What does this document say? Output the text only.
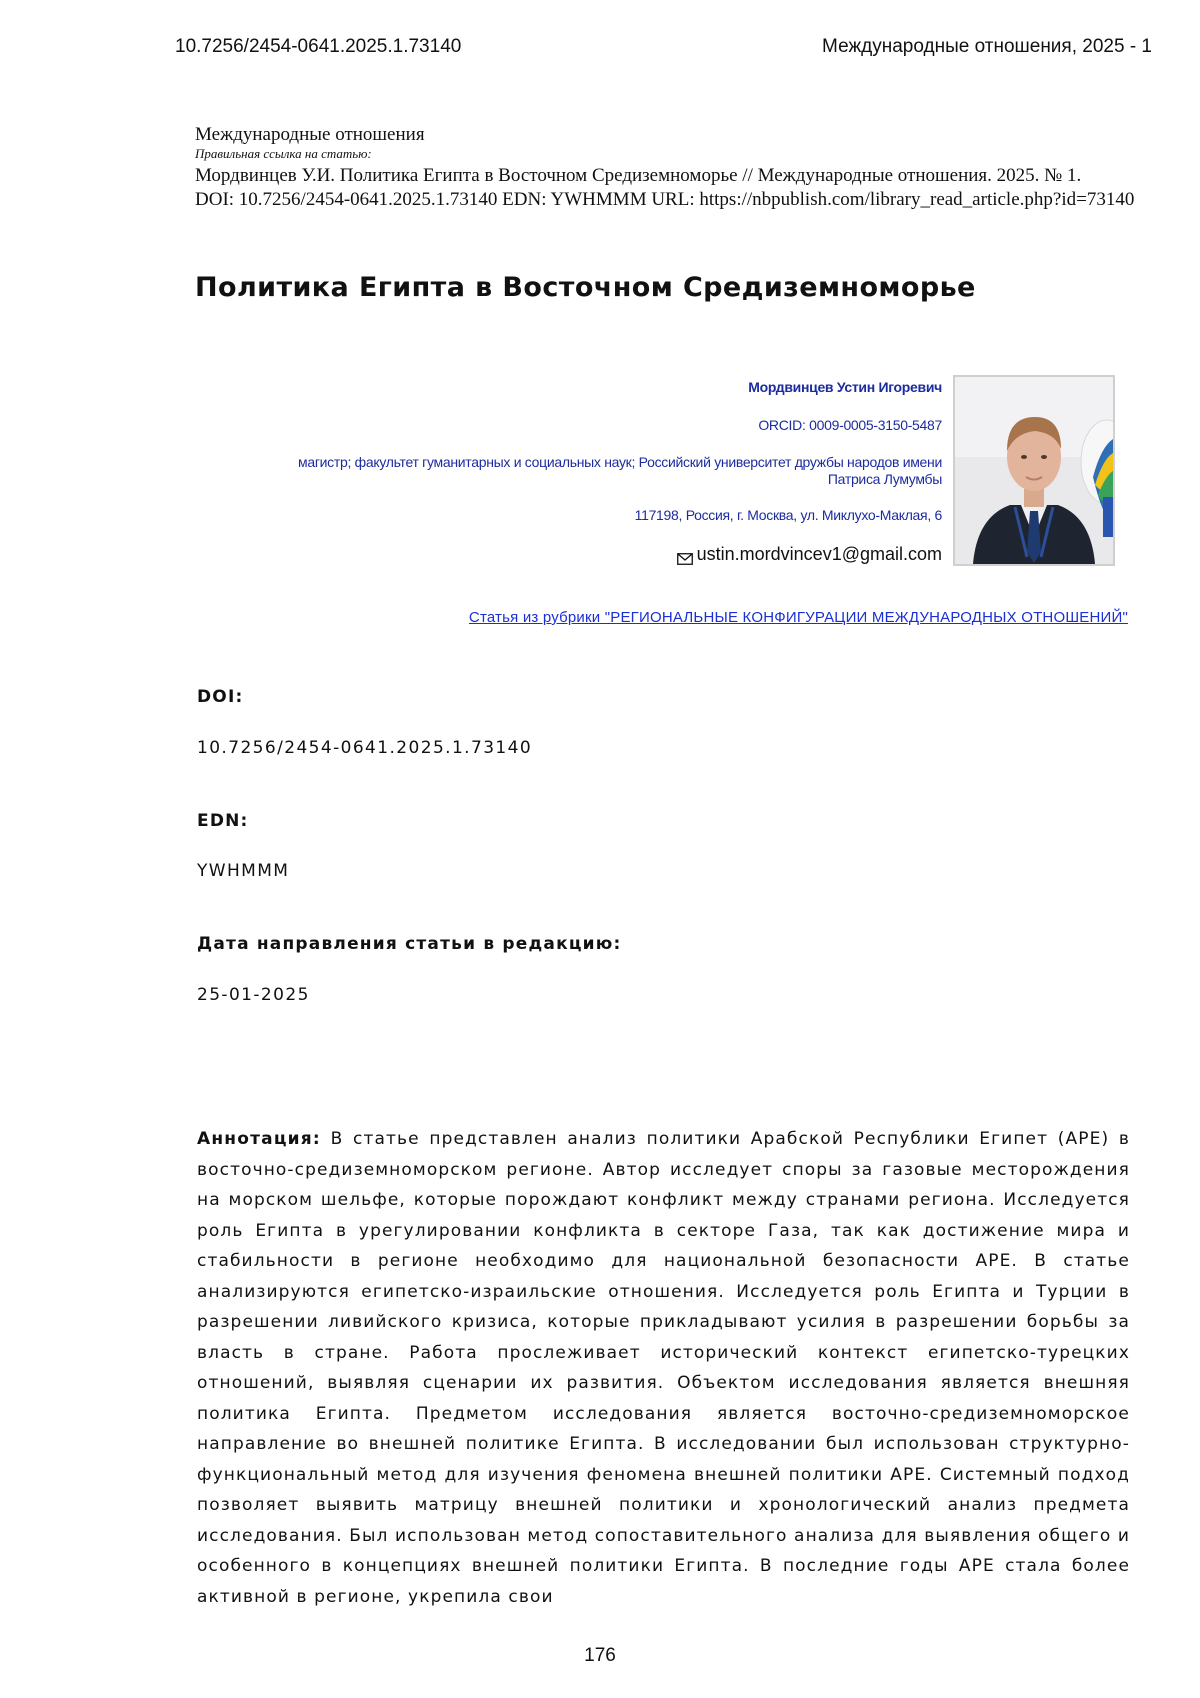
10.7256/2454-0641.2025.1.73140	Международные отношения, 2025 - 1
Международные отношения
Правильная ссылка на статью:
Мордвинцев У.И. Политика Египта в Восточном Средиземноморье // Международные отношения. 2025. № 1.
DOI: 10.7256/2454-0641.2025.1.73140 EDN: YWHMMM URL: https://nbpublish.com/library_read_article.php?id=73140
Политика Египта в Восточном Средиземноморье
Мордвинцев Устин Игоревич
ORCID: 0009-0005-3150-5487
магистр; факультет гуманитарных и социальных наук; Российский университет дружбы народов имени Патриса Лумумбы
117198, Россия, г. Москва, ул. Миклухо-Маклая, 6
ustin.mordvincev1@gmail.com
Статья из рубрики "РЕГИОНАЛЬНЫЕ КОНФИГУРАЦИИ МЕЖДУНАРОДНЫХ ОТНОШЕНИЙ"
DOI:
10.7256/2454-0641.2025.1.73140
EDN:
YWHMMM
Дата направления статьи в редакцию:
25-01-2025
Аннотация: В статье представлен анализ политики Арабской Республики Египет (АРЕ) в восточно-средиземноморском регионе. Автор исследует споры за газовые месторождения на морском шельфе, которые порождают конфликт между странами региона. Исследуется роль Египта в урегулировании конфликта в секторе Газа, так как достижение мира и стабильности в регионе необходимо для национальной безопасности АРЕ. В статье анализируются египетско-израильские отношения. Исследуется роль Египта и Турции в разрешении ливийского кризиса, которые прикладывают усилия в разрешении борьбы за власть в стране. Работа прослеживает исторический контекст египетско-турецких отношений, выявляя сценарии их развития. Объектом исследования является внешняя политика Египта. Предметом исследования является восточно-средиземноморское направление во внешней политике Египта. В исследовании был использован структурно-функциональный метод для изучения феномена внешней политики АРЕ. Системный подход позволяет выявить матрицу внешней политики и хронологический анализ предмета исследования. Был использован метод сопоставительного анализа для выявления общего и особенного в концепциях внешней политики Египта. В последние годы АРЕ стала более активной в регионе, укрепила свои
176
